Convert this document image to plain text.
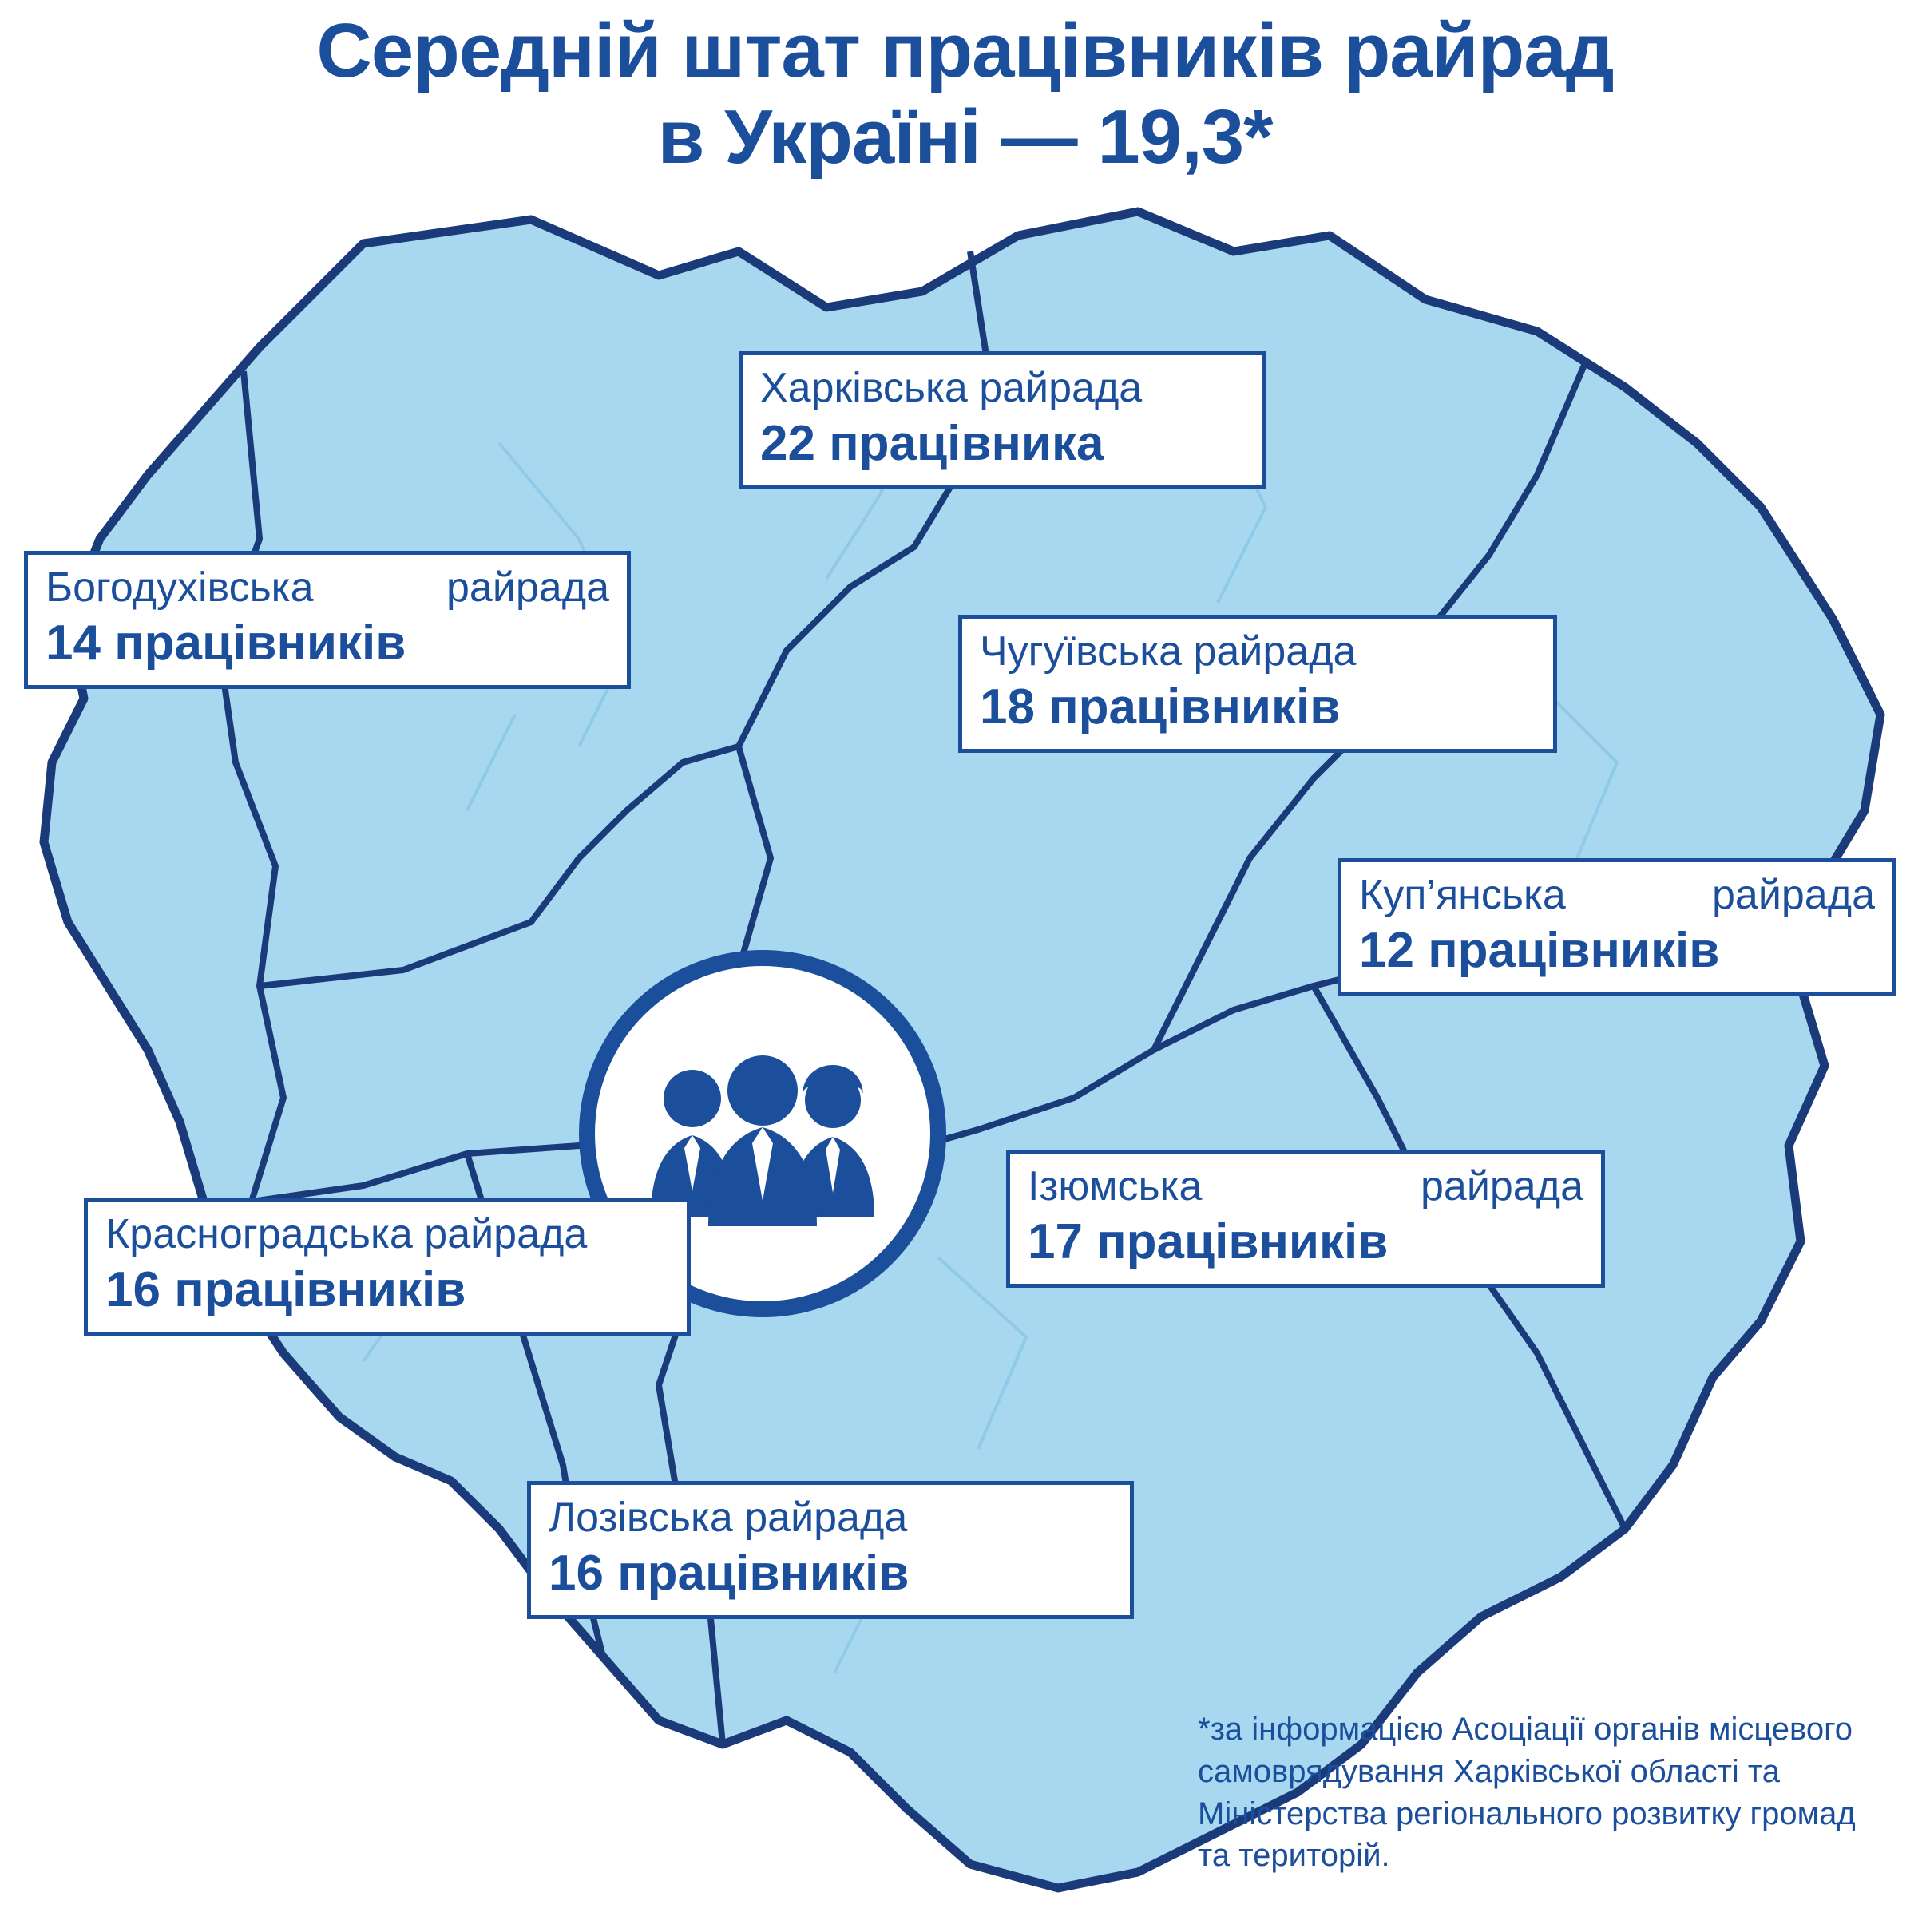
Середній штат працівників райрад
в Україні — 19,3*
Харківська райрада
22 працівника
Богодухівська	райрада
14 працівників	Чугуївська райрада
18 працівників
Куп’янська	райрада
12 працівників
Красноградська райрада
16 працівників
Ізюмська	райрада
17 працівників
Лозівська райрада
16 працівників
*за інформацією Асоціації органів місцевого самоврядування Харківської області та Міністерства регіонального розвитку громад та територій.
